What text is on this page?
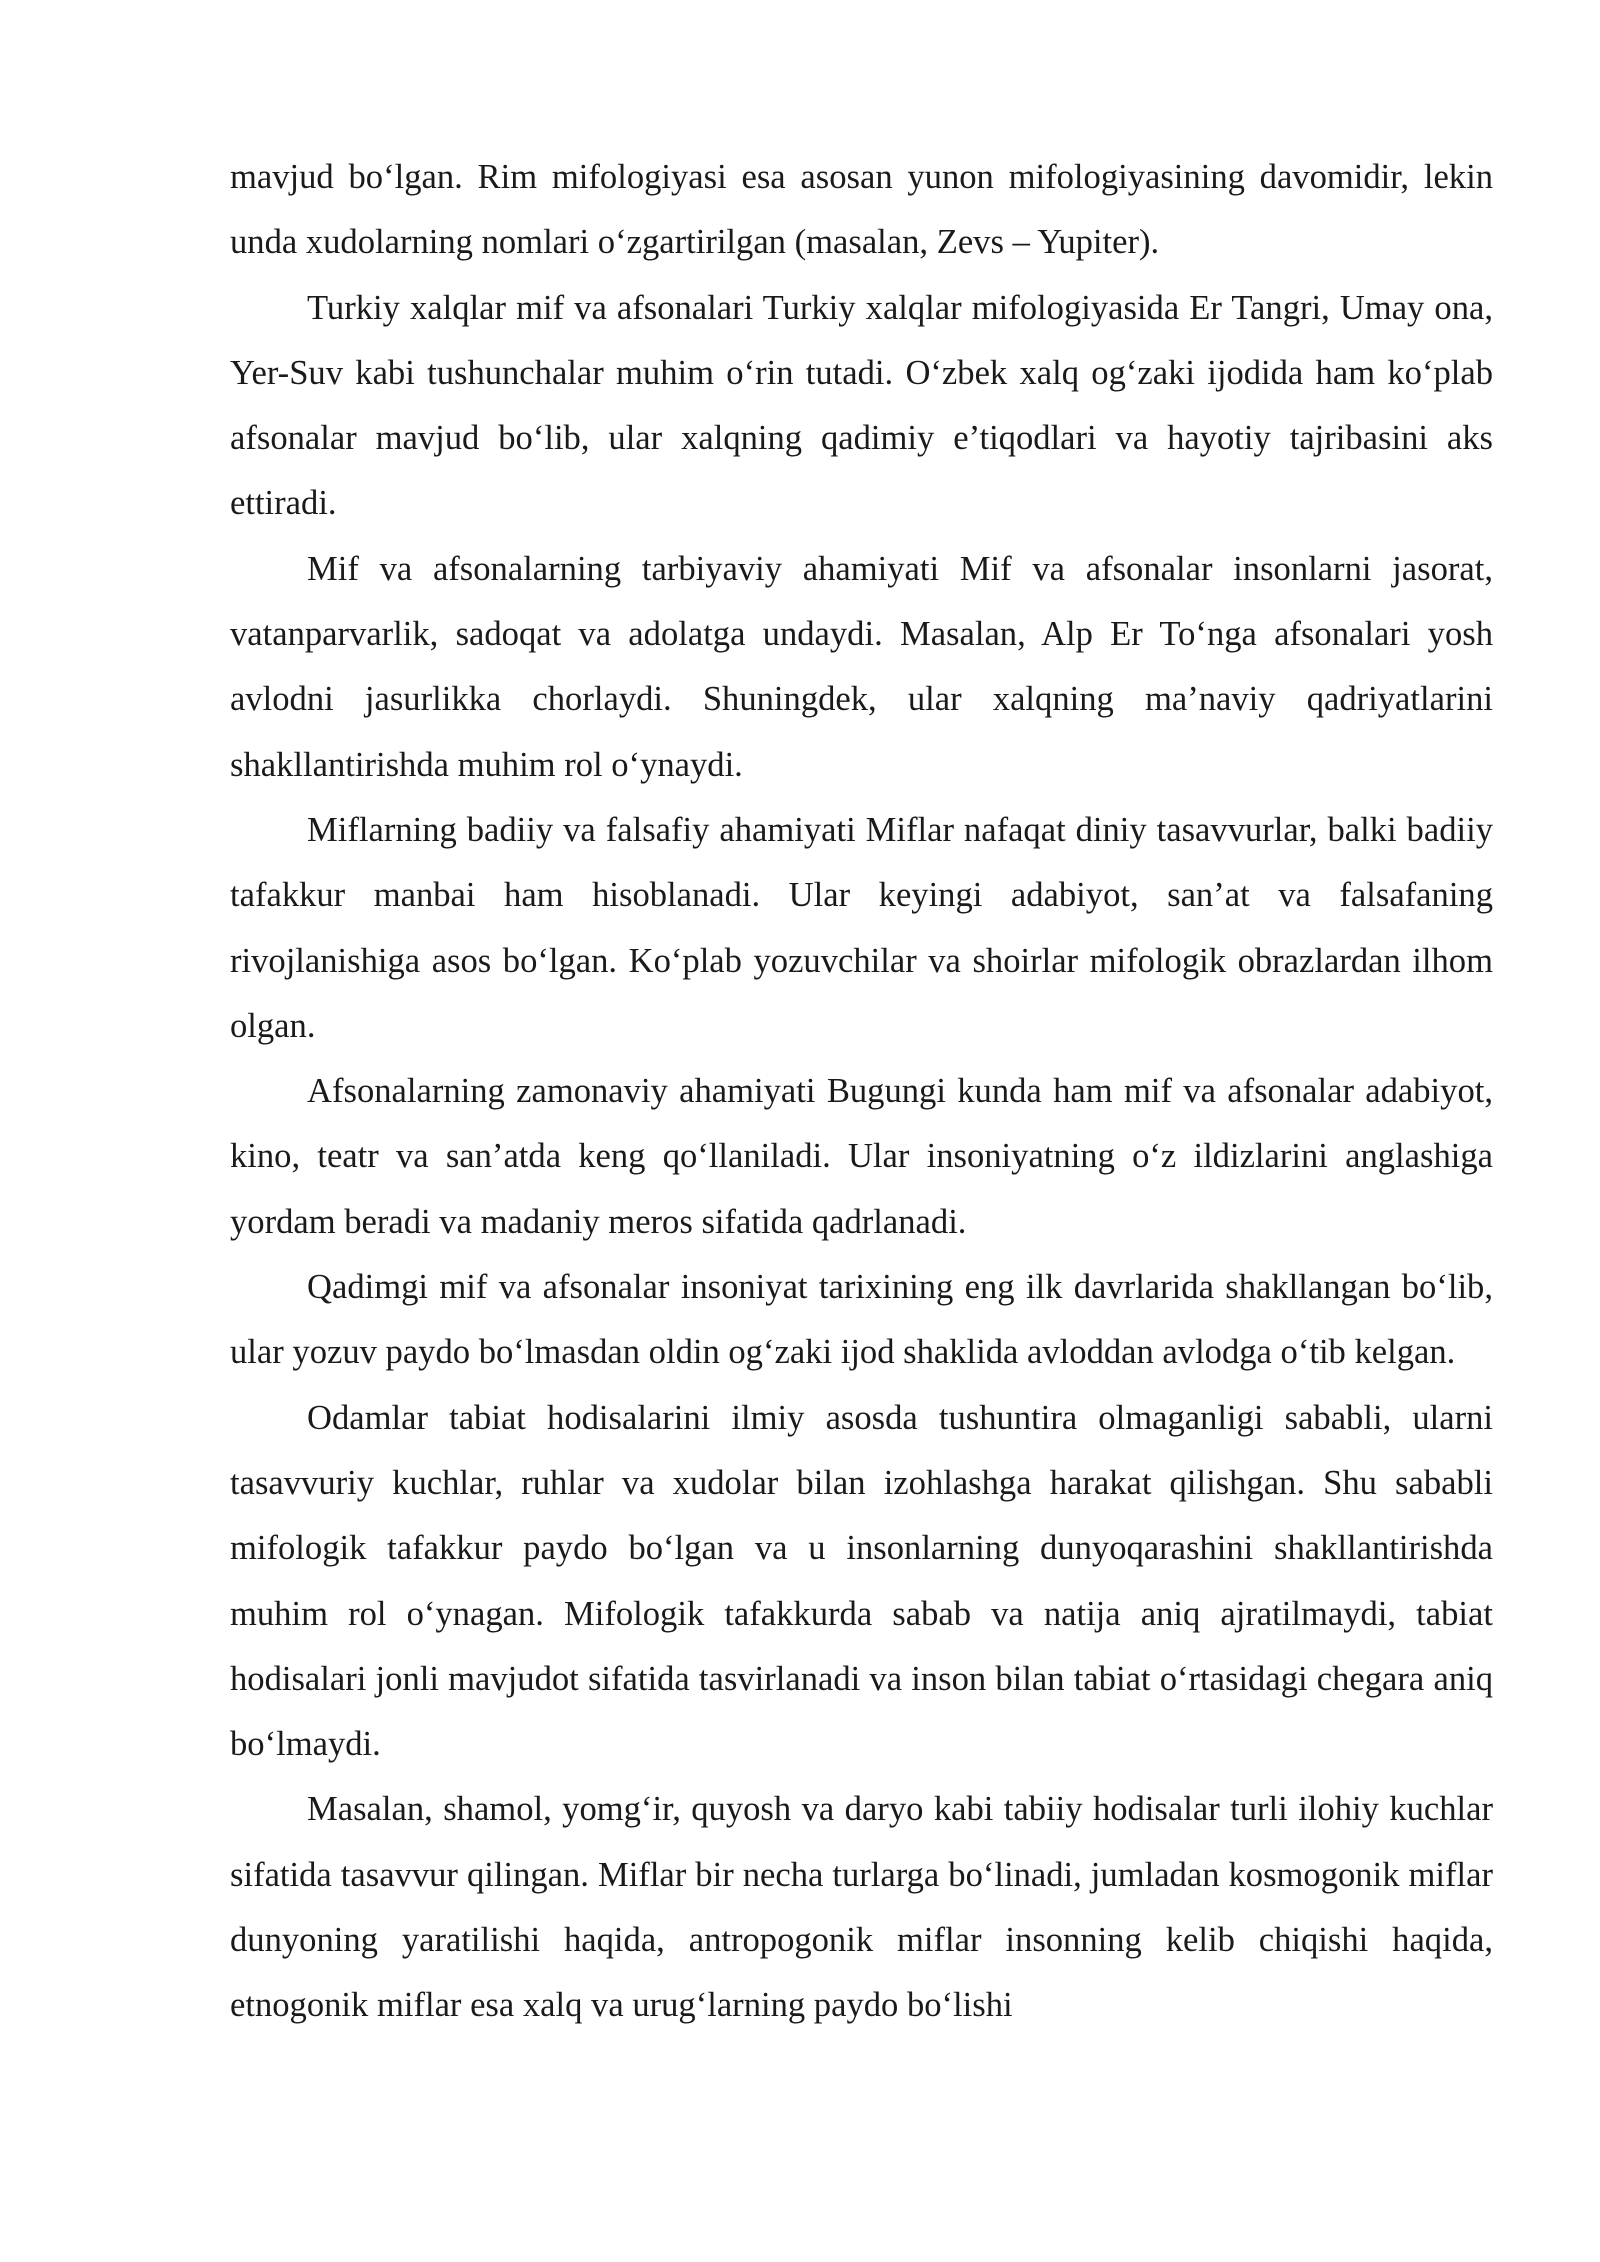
mavjud bo‘lgan. Rim mifologiyasi esa asosan yunon mifologiyasining davomidir, lekin unda xudolarning nomlari o‘zgartirilgan (masalan, Zevs – Yupiter).

Turkiy xalqlar mif va afsonalari Turkiy xalqlar mifologiyasida Er Tangri, Umay ona, Yer-Suv kabi tushunchalar muhim o‘rin tutadi. O‘zbek xalq og‘zaki ijodida ham ko‘plab afsonalar mavjud bo‘lib, ular xalqning qadimiy e’tiqodlari va hayotiy tajribasini aks ettiradi.

Mif va afsonalarning tarbiyaviy ahamiyati Mif va afsonalar insonlarni jasorat, vatanparvarlik, sadoqat va adolatga undaydi. Masalan, Alp Er To‘nga afsonalari yosh avlodni jasurlikka chorlaydi. Shuningdek, ular xalqning ma’naviy qadriyatlarini shakllantirishda muhim rol o‘ynaydi.

Miflarning badiiy va falsafiy ahamiyati Miflar nafaqat diniy tasavvurlar, balki badiiy tafakkur manbai ham hisoblanadi. Ular keyingi adabiyot, san’at va falsafaning rivojlanishiga asos bo‘lgan. Ko‘plab yozuvchilar va shoirlar mifologik obrazlardan ilhom olgan.

Afsonalarning zamonaviy ahamiyati Bugungi kunda ham mif va afsonalar adabiyot, kino, teatr va san’atda keng qo‘llaniladi. Ular insoniyatning o‘z ildizlarini anglashiga yordam beradi va madaniy meros sifatida qadrlanadi.

Qadimgi mif va afsonalar insoniyat tarixining eng ilk davrlarida shakllangan bo‘lib, ular yozuv paydo bo‘lmasdan oldin og‘zaki ijod shaklida avloddan avlodga o‘tib kelgan.

Odamlar tabiat hodisalarini ilmiy asosda tushuntira olmaganligi sababli, ularni tasavvuriy kuchlar, ruhlar va xudolar bilan izohlashga harakat qilishgan. Shu sababli mifologik tafakkur paydo bo‘lgan va u insonlarning dunyoqarashini shakllantirishda muhim rol o‘ynagan. Mifologik tafakkurda sabab va natija aniq ajratilmaydi, tabiat hodisalari jonli mavjudot sifatida tasvirlanadi va inson bilan tabiat o‘rtasidagi chegara aniq bo‘lmaydi.

Masalan, shamol, yomg‘ir, quyosh va daryo kabi tabiiy hodisalar turli ilohiy kuchlar sifatida tasavvur qilingan. Miflar bir necha turlarga bo‘linadi, jumladan kosmogonik miflar dunyoning yaratilishi haqida, antropogonik miflar insonning kelib chiqishi haqida, etnogonik miflar esa xalq va urug‘larning paydo bo‘lishi
